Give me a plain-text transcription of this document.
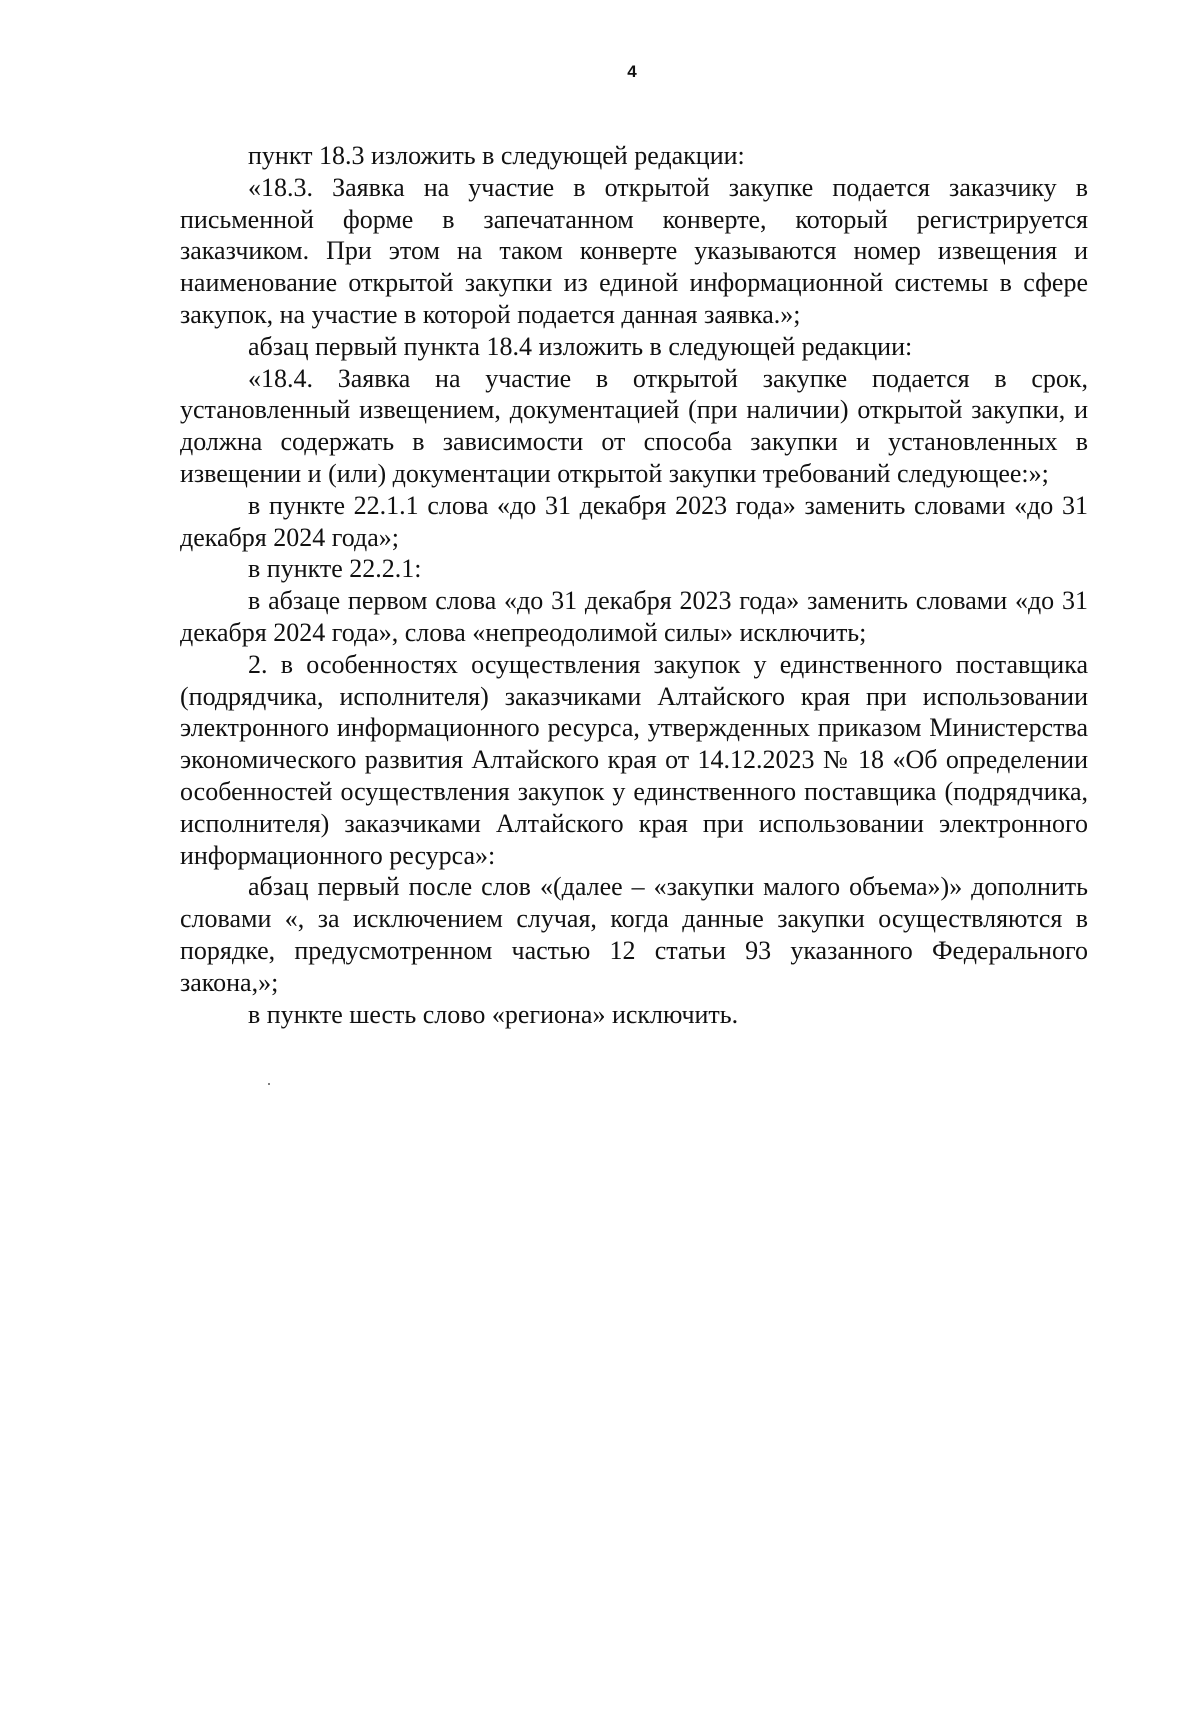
4

пункт 18.3 изложить в следующей редакции:

«18.3. Заявка на участие в открытой закупке подается заказчику в письменной форме в запечатанном конверте, который регистрируется заказчиком. При этом на таком конверте указываются номер извещения и наименование открытой закупки из единой информационной системы в сфере закупок, на участие в которой подается данная заявка.»;

абзац первый пункта 18.4 изложить в следующей редакции:

«18.4. Заявка на участие в открытой закупке подается в срок, установленный извещением, документацией (при наличии) открытой закупки, и должна содержать в зависимости от способа закупки и установленных в извещении и (или) документации открытой закупки требований следующее:»;

в пункте 22.1.1 слова «до 31 декабря 2023 года» заменить словами «до 31 декабря 2024 года»;

в пункте 22.2.1:

в абзаце первом слова «до 31 декабря 2023 года» заменить словами «до 31 декабря 2024 года», слова «непреодолимой силы» исключить;

2. в особенностях осуществления закупок у единственного поставщика (подрядчика, исполнителя) заказчиками Алтайского края при использовании электронного информационного ресурса, утвержденных приказом Министерства экономического развития Алтайского края от 14.12.2023 № 18 «Об определении особенностей осуществления закупок у единственного поставщика (подрядчика, исполнителя) заказчиками Алтайского края при использовании электронного информационного ресурса»:

абзац первый после слов «(далее – «закупки малого объема»)» дополнить словами «, за исключением случая, когда данные закупки осуществляются в порядке, предусмотренном частью 12 статьи 93 указанного Федерального закона,»;

в пункте шесть слово «региона» исключить.
